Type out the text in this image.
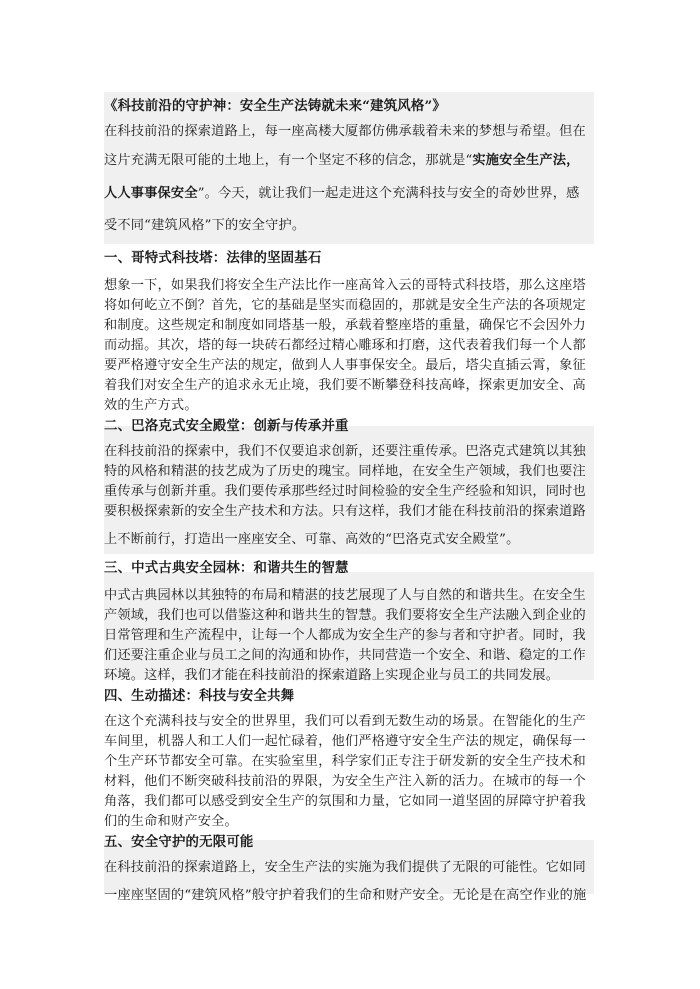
《科技前沿的守护神：安全生产法铸就未来“建筑风格”》
在科技前沿的探索道路上，每一座高楼大厦都仿佛承载着未来的梦想与希望。但在
这片充满无限可能的土地上，有一个坚定不移的信念，那就是“实施安全生产法，
人人事事保安全”。今天，就让我们一起走进这个充满科技与安全的奇妙世界，感
受不同“建筑风格”下的安全守护。
一、哥特式科技塔：法律的坚固基石
想象一下，如果我们将安全生产法比作一座高耸入云的哥特式科技塔，那么这座塔
将如何屹立不倒？首先，它的基础是坚实而稳固的，那就是安全生产法的各项规定
和制度。这些规定和制度如同塔基一般，承载着整座塔的重量，确保它不会因外力
而动摇。其次，塔的每一块砖石都经过精心雕琢和打磨，这代表着我们每一个人都
要严格遵守安全生产法的规定，做到人人事事保安全。最后，塔尖直插云霄，象征
着我们对安全生产的追求永无止境，我们要不断攀登科技高峰，探索更加安全、高
效的生产方式。
二、巴洛克式安全殿堂：创新与传承并重
在科技前沿的探索中，我们不仅要追求创新，还要注重传承。巴洛克式建筑以其独
特的风格和精湛的技艺成为了历史的瑰宝。同样地，在安全生产领域，我们也要注
重传承与创新并重。我们要传承那些经过时间检验的安全生产经验和知识，同时也
要积极探索新的安全生产技术和方法。只有这样，我们才能在科技前沿的探索道路
上不断前行，打造出一座座安全、可靠、高效的“巴洛克式安全殿堂”。
三、中式古典安全园林：和谐共生的智慧
中式古典园林以其独特的布局和精湛的技艺展现了人与自然的和谐共生。在安全生
产领域，我们也可以借鉴这种和谐共生的智慧。我们要将安全生产法融入到企业的
日常管理和生产流程中，让每一个人都成为安全生产的参与者和守护者。同时，我
们还要注重企业与员工之间的沟通和协作，共同营造一个安全、和谐、稳定的工作
环境。这样，我们才能在科技前沿的探索道路上实现企业与员工的共同发展。
四、生动描述：科技与安全共舞
在这个充满科技与安全的世界里，我们可以看到无数生动的场景。在智能化的生产
车间里，机器人和工人们一起忙碌着，他们严格遵守安全生产法的规定，确保每一
个生产环节都安全可靠。在实验室里，科学家们正专注于研发新的安全生产技术和
材料，他们不断突破科技前沿的界限，为安全生产注入新的活力。在城市的每一个
角落，我们都可以感受到安全生产的氛围和力量，它如同一道坚固的屏障守护着我
们的生命和财产安全。
五、安全守护的无限可能
在科技前沿的探索道路上，安全生产法的实施为我们提供了无限的可能性。它如同
一座座坚固的“建筑风格”般守护着我们的生命和财产安全。无论是在高空作业的施
